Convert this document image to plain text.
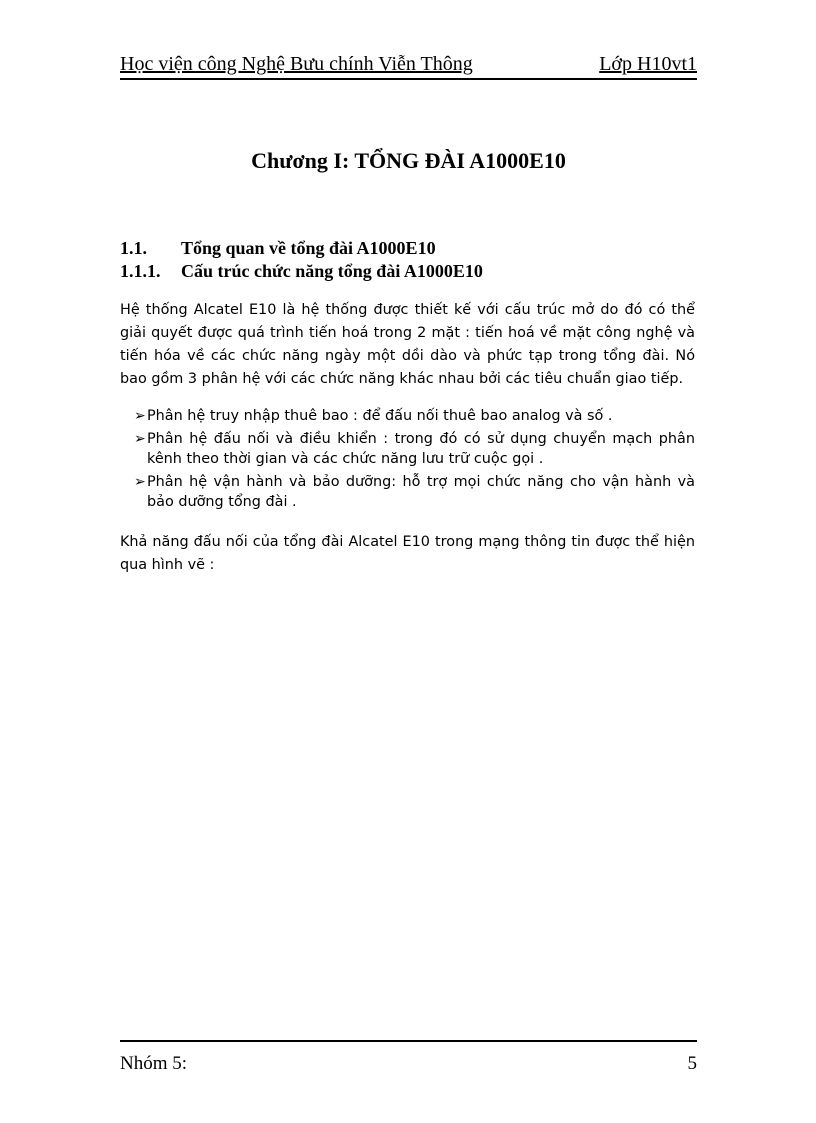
Học viện công Nghệ Bưu chính Viễn Thông	Lớp H10vt1
Chương I: TỔNG ĐÀI A1000E10
1.1. Tổng quan về tổng đài A1000E10
1.1.1. Cấu trúc chức năng tổng đài A1000E10
Hệ thống Alcatel E10 là hệ thống được thiết kế với cấu trúc mở do đó có thể giải quyết được quá trình tiến hoá trong 2 mặt : tiến hoá về mặt công nghệ và tiến hóa về các chức năng ngày một dồi dào và phức tạp trong tổng đài. Nó bao gồm 3 phân hệ với các chức năng khác nhau bởi các tiêu chuẩn giao tiếp.
➢ Phân hệ truy nhập thuê bao : để đấu nối thuê bao analog và số .
➢ Phân hệ đấu nối và điều khiển : trong đó có sử dụng chuyển mạch phân kênh theo thời gian và các chức năng lưu trữ cuộc gọi .
➢ Phân hệ vận hành và bảo dưỡng: hỗ trợ mọi chức năng cho vận hành và bảo dưỡng tổng đài .
Khả năng đấu nối của tổng đài Alcatel E10 trong mạng thông tin được thể hiện qua hình vẽ :
Nhóm 5:	5
